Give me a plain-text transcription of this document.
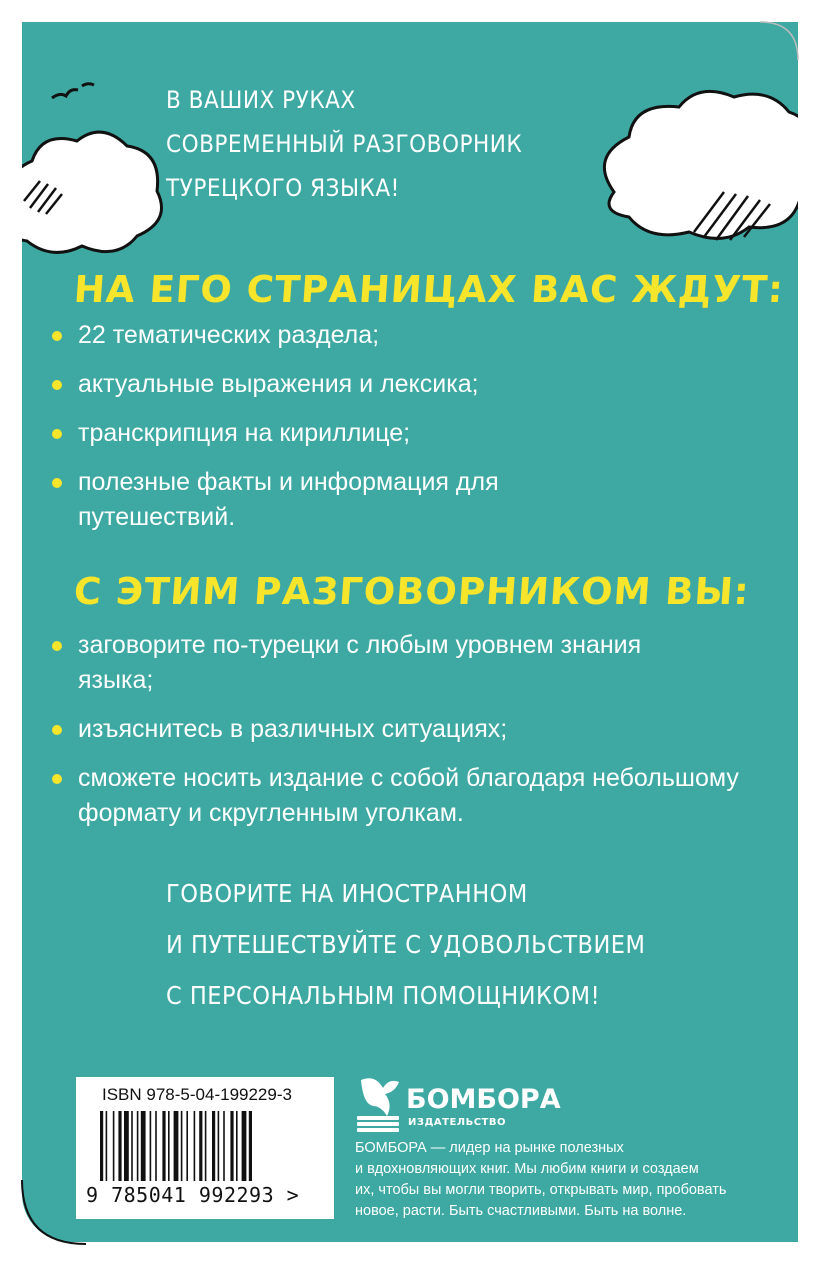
В ВАШИХ РУКАХ
СОВРЕМЕННЫЙ РАЗГОВОРНИК
ТУРЕЦКОГО ЯЗЫКА!
НА ЕГО СТРАНИЦАХ ВАС ЖДУТ:
22 тематических раздела;
актуальные выражения и лексика;
транскрипция на кириллице;
полезные факты и информация для путешествий.
С ЭТИМ РАЗГОВОРНИКОМ ВЫ:
заговорите по-турецки с любым уровнем знания языка;
изъяснитесь в различных ситуациях;
сможете носить издание с собой благодаря небольшому формату и скругленным уголкам.
ГОВОРИТЕ НА ИНОСТРАННОМ
И ПУТЕШЕСТВУЙТЕ С УДОВОЛЬСТВИЕМ
С ПЕРСОНАЛЬНЫМ ПОМОЩНИКОМ!
ISBN 978-5-04-199229-3
9 785041 992293 >
БОМБОРА
ИЗДАТЕЛЬСТВО
БОМБОРА — лидер на рынке полезных
и вдохновляющих книг. Мы любим книги и создаем
их, чтобы вы могли творить, открывать мир, пробовать
новое, расти. Быть счастливыми. Быть на волне.
